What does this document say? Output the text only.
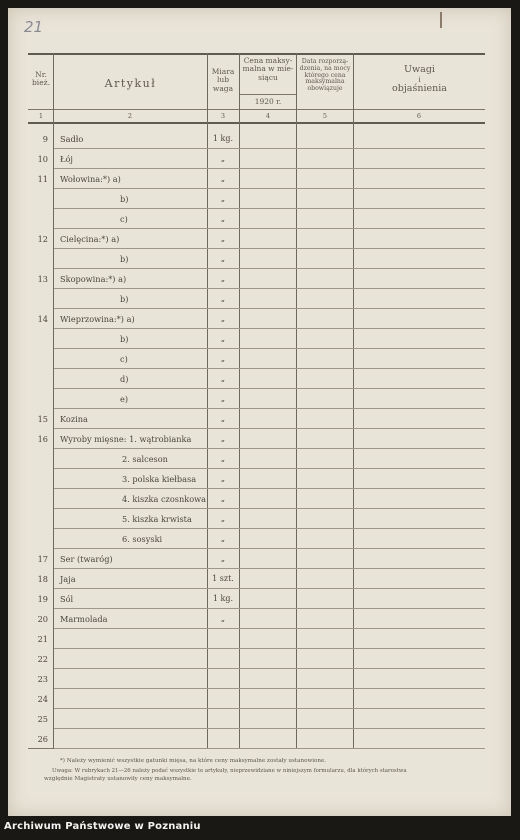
21
Nr.
bież.	Artykuł
Miara
lub
waga
Cena maksy-
malna w mie-
siącu
1920 r.
Data rozporzą-
dzenia, na mocy
którego cena
maksymalna
obowiązuje
Uwagi
i
objaśnienia
1	2	3	4	5	6
9 Sadło	1 kg.
10 Łój	„
11 Wołowina:*) a)	„
b)	„
c)	„
12 Cielęcina:*) a)	„
b)	„
13 Skopowina:*) a)	„
b)	„
14 Wieprzowina:*) a)	„
b)	„
c)	„
d)	„
e)	„
15 Kozina	„
16 Wyroby mięsne: 1. wątrobianka	„
2. salceson	„
3. polska kiełbasa	„
4. kiszka czosnkowa	„
5. kiszka krwista	„
6. sosyski	„
17 Ser (twaróg)	„
18 Jaja	1 szt.
19 Sól	1 kg.
20 Marmolada	„
21
22
23
24
25
26
*) Należy wymienić wszystkie gatunki mięsa, na które ceny maksymalne zostały ustanowione.
Uwaga: W rubrykach 21—26 należy podać wszystkie te artykuły, nieprzewidziane w niniejszym formularzu, dla których starostwa
względnie Magistraty ustanowiły ceny maksymalne.
Archiwum Państwowe w Poznaniu
